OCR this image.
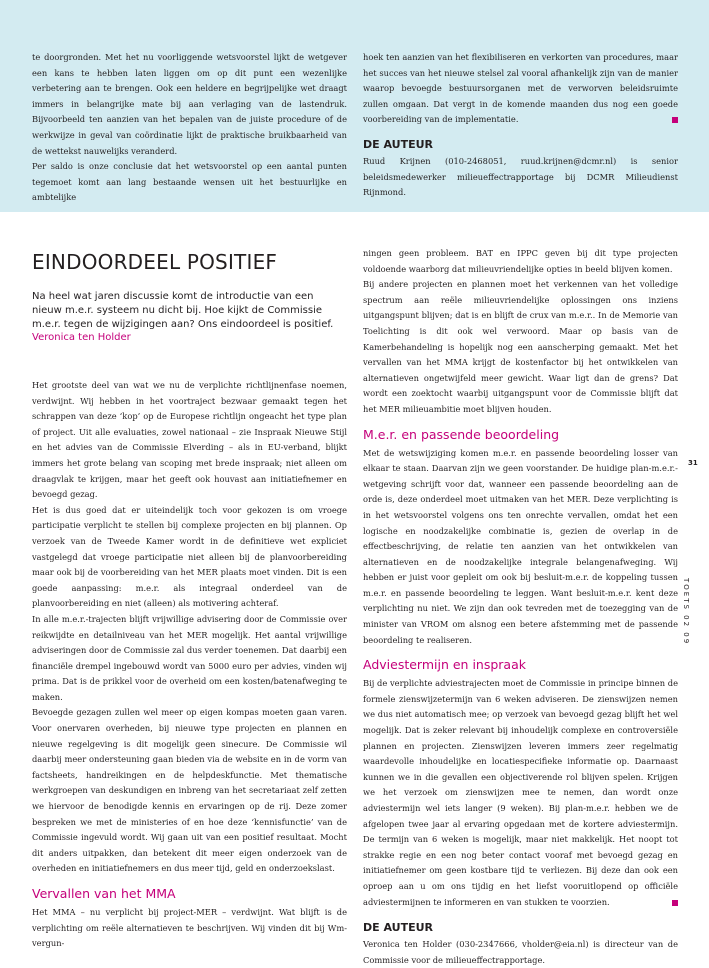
te doorgronden. Met het nu voorliggende wetsvoorstel lijkt de wetgever een kans te hebben laten liggen om op dit punt een wezenlijke verbetering aan te brengen. Ook een heldere en begrijpelijke wet draagt immers in belangrijke mate bij aan verlaging van de lastendruk. Bijvoorbeeld ten aanzien van het bepalen van de juiste procedure of de werkwijze in geval van coördinatie lijkt de praktische bruikbaarheid van de wettekst nauwelijks veranderd.

Per saldo is onze conclusie dat het wetsvoorstel op een aantal punten tegemoet komt aan lang bestaande wensen uit het bestuurlijke en ambtelijke

hoek ten aanzien van het flexibiliseren en verkorten van procedures, maar het succes van het nieuwe stelsel zal vooral afhankelijk zijn van de manier waarop bevoegde bestuursorganen met de verworven beleidsruimte zullen omgaan. Dat vergt in de komende maanden dus nog een goede voorbereiding van de implementatie.

DE AUTEUR

Ruud Krijnen (010-2468051, ruud.krijnen@dcmr.nl) is senior beleidsmedewerker milieueffectrapportage bij DCMR Milieudienst Rijnmond.

EINDOORDEEL POSITIEF
Na heel wat jaren discussie komt de introductie van een nieuw m.e.r. systeem nu dicht bij. Hoe kijkt de Commissie m.e.r. tegen de wijzigingen aan? Ons eindoordeel is positief.
Veronica ten Holder

Het grootste deel van wat we nu de verplichte richtlijnenfase noemen, verdwijnt. Wij hebben in het voortraject bezwaar gemaakt tegen het schrappen van deze ‘kop’ op de Europese richtlijn ongeacht het type plan of project. Uit alle evaluaties, zowel nationaal – zie Inspraak Nieuwe Stijl en het advies van de Commissie Elverding – als in EU-verband, blijkt immers het grote belang van scoping met brede inspraak; niet alleen om draagvlak te krijgen, maar het geeft ook houvast aan initiatiefnemer en bevoegd gezag.

Het is dus goed dat er uiteindelijk toch voor gekozen is om vroege participatie verplicht te stellen bij complexe projecten en bij plannen. Op verzoek van de Tweede Kamer wordt in de definitieve wet expliciet vastgelegd dat vroege participatie niet alleen bij de planvoorbereiding maar ook bij de voorbereiding van het MER plaats moet vinden. Dit is een goede aanpassing: m.e.r. als integraal onderdeel van de planvoorbereiding en niet (alleen) als motivering achteraf.

In alle m.e.r.-trajecten blijft vrijwillige advisering door de Commissie over reikwijdte en detailniveau van het MER mogelijk. Het aantal vrijwillige adviseringen door de Commissie zal dus verder toenemen. Dat daarbij een financiële drempel ingebouwd wordt van 5000 euro per advies, vinden wij prima. Dat is de prikkel voor de overheid om een kosten/batenafweging te maken.

Bevoegde gezagen zullen wel meer op eigen kompas moeten gaan varen. Voor onervaren overheden, bij nieuwe type projecten en plannen en nieuwe regelgeving is dit mogelijk geen sinecure. De Commissie wil daarbij meer ondersteuning gaan bieden via de website en in de vorm van factsheets, handreikingen en de helpdeskfunctie. Met thematische werkgroepen van deskundigen en inbreng van het secretariaat zelf zetten we hiervoor de benodigde kennis en ervaringen op de rij. Deze zomer bespreken we met de ministeries of en hoe deze ‘kennisfunctie’ van de Commissie ingevuld wordt. Wij gaan uit van een positief resultaat. Mocht dit anders uitpakken, dan betekent dit meer eigen onderzoek van de overheden en initiatiefnemers en dus meer tijd, geld en onderzoekslast.

Vervallen van het MMA

Het MMA – nu verplicht bij project-MER – verdwijnt. Wat blijft is de verplichting om reële alternatieven te beschrijven. Wij vinden dit bij Wm-vergun-

ningen geen probleem. BAT en IPPC geven bij dit type projecten voldoende waarborg dat milieuvriendelijke opties in beeld blijven komen.

Bij andere projecten en plannen moet het verkennen van het volledige spectrum aan reële milieuvriendelijke oplossingen ons inziens uitgangspunt blijven; dat is en blijft de crux van m.e.r.. In de Memorie van Toelichting is dit ook wel verwoord. Maar op basis van de Kamerbehandeling is hopelijk nog een aanscherping gemaakt. Met het vervallen van het MMA krijgt de kostenfactor bij het ontwikkelen van alternatieven ongetwijfeld meer gewicht. Waar ligt dan de grens? Dat wordt een zoektocht waarbij uitgangspunt voor de Commissie blijft dat het MER milieuambitie moet blijven houden.

M.e.r. en passende beoordeling

Met de wetswijziging komen m.e.r. en passende beoordeling losser van elkaar te staan. Daarvan zijn we geen voorstander. De huidige plan-m.e.r.-wetgeving schrijft voor dat, wanneer een passende beoordeling aan de orde is, deze onderdeel moet uitmaken van het MER. Deze verplichting is in het wetsvoorstel volgens ons ten onrechte vervallen, omdat het een logische en noodzakelijke combinatie is, gezien de overlap in de effectbeschrijving, de relatie ten aanzien van het ontwikkelen van alternatieven en de noodzakelijke integrale belangenafweging. Wij hebben er juist voor gepleit om ook bij besluit-m.e.r. de koppeling tussen m.e.r. en passende beoordeling te leggen. Want besluit-m.e.r. kent deze verplichting nu niet. We zijn dan ook tevreden met de toezegging van de minister van VROM om alsnog een betere afstemming met de passende beoordeling te realiseren.

Adviestermijn en inspraak

Bij de verplichte adviestrajecten moet de Commissie in principe binnen de formele zienswijzetermijn van 6 weken adviseren. De zienswijzen nemen we dus niet automatisch mee; op verzoek van bevoegd gezag blijft het wel mogelijk. Dat is zeker relevant bij inhoudelijk complexe en controversiële plannen en projecten. Zienswijzen leveren immers zeer regelmatig waardevolle inhoudelijke en locatiespecifieke informatie op. Daarnaast kunnen we in die gevallen een objectiverende rol blijven spelen. Krijgen we het verzoek om zienswijzen mee te nemen, dan wordt onze adviestermijn wel iets langer (9 weken). Bij plan-m.e.r. hebben we de afgelopen twee jaar al ervaring opgedaan met de kortere adviestermijn. De termijn van 6 weken is mogelijk, maar niet makkelijk. Het noopt tot strakke regie en een nog beter contact vooraf met bevoegd gezag en initiatiefnemer om geen kostbare tijd te verliezen. Bij deze dan ook een oproep aan u om ons tijdig en het liefst vooruitlopend op officiële adviestermijnen te informeren en van stukken te voorzien.

DE AUTEUR

Veronica ten Holder (030-2347666, vholder@eia.nl) is directeur van de Commissie voor de milieueffectrapportage.

31
TOETS 02 09
